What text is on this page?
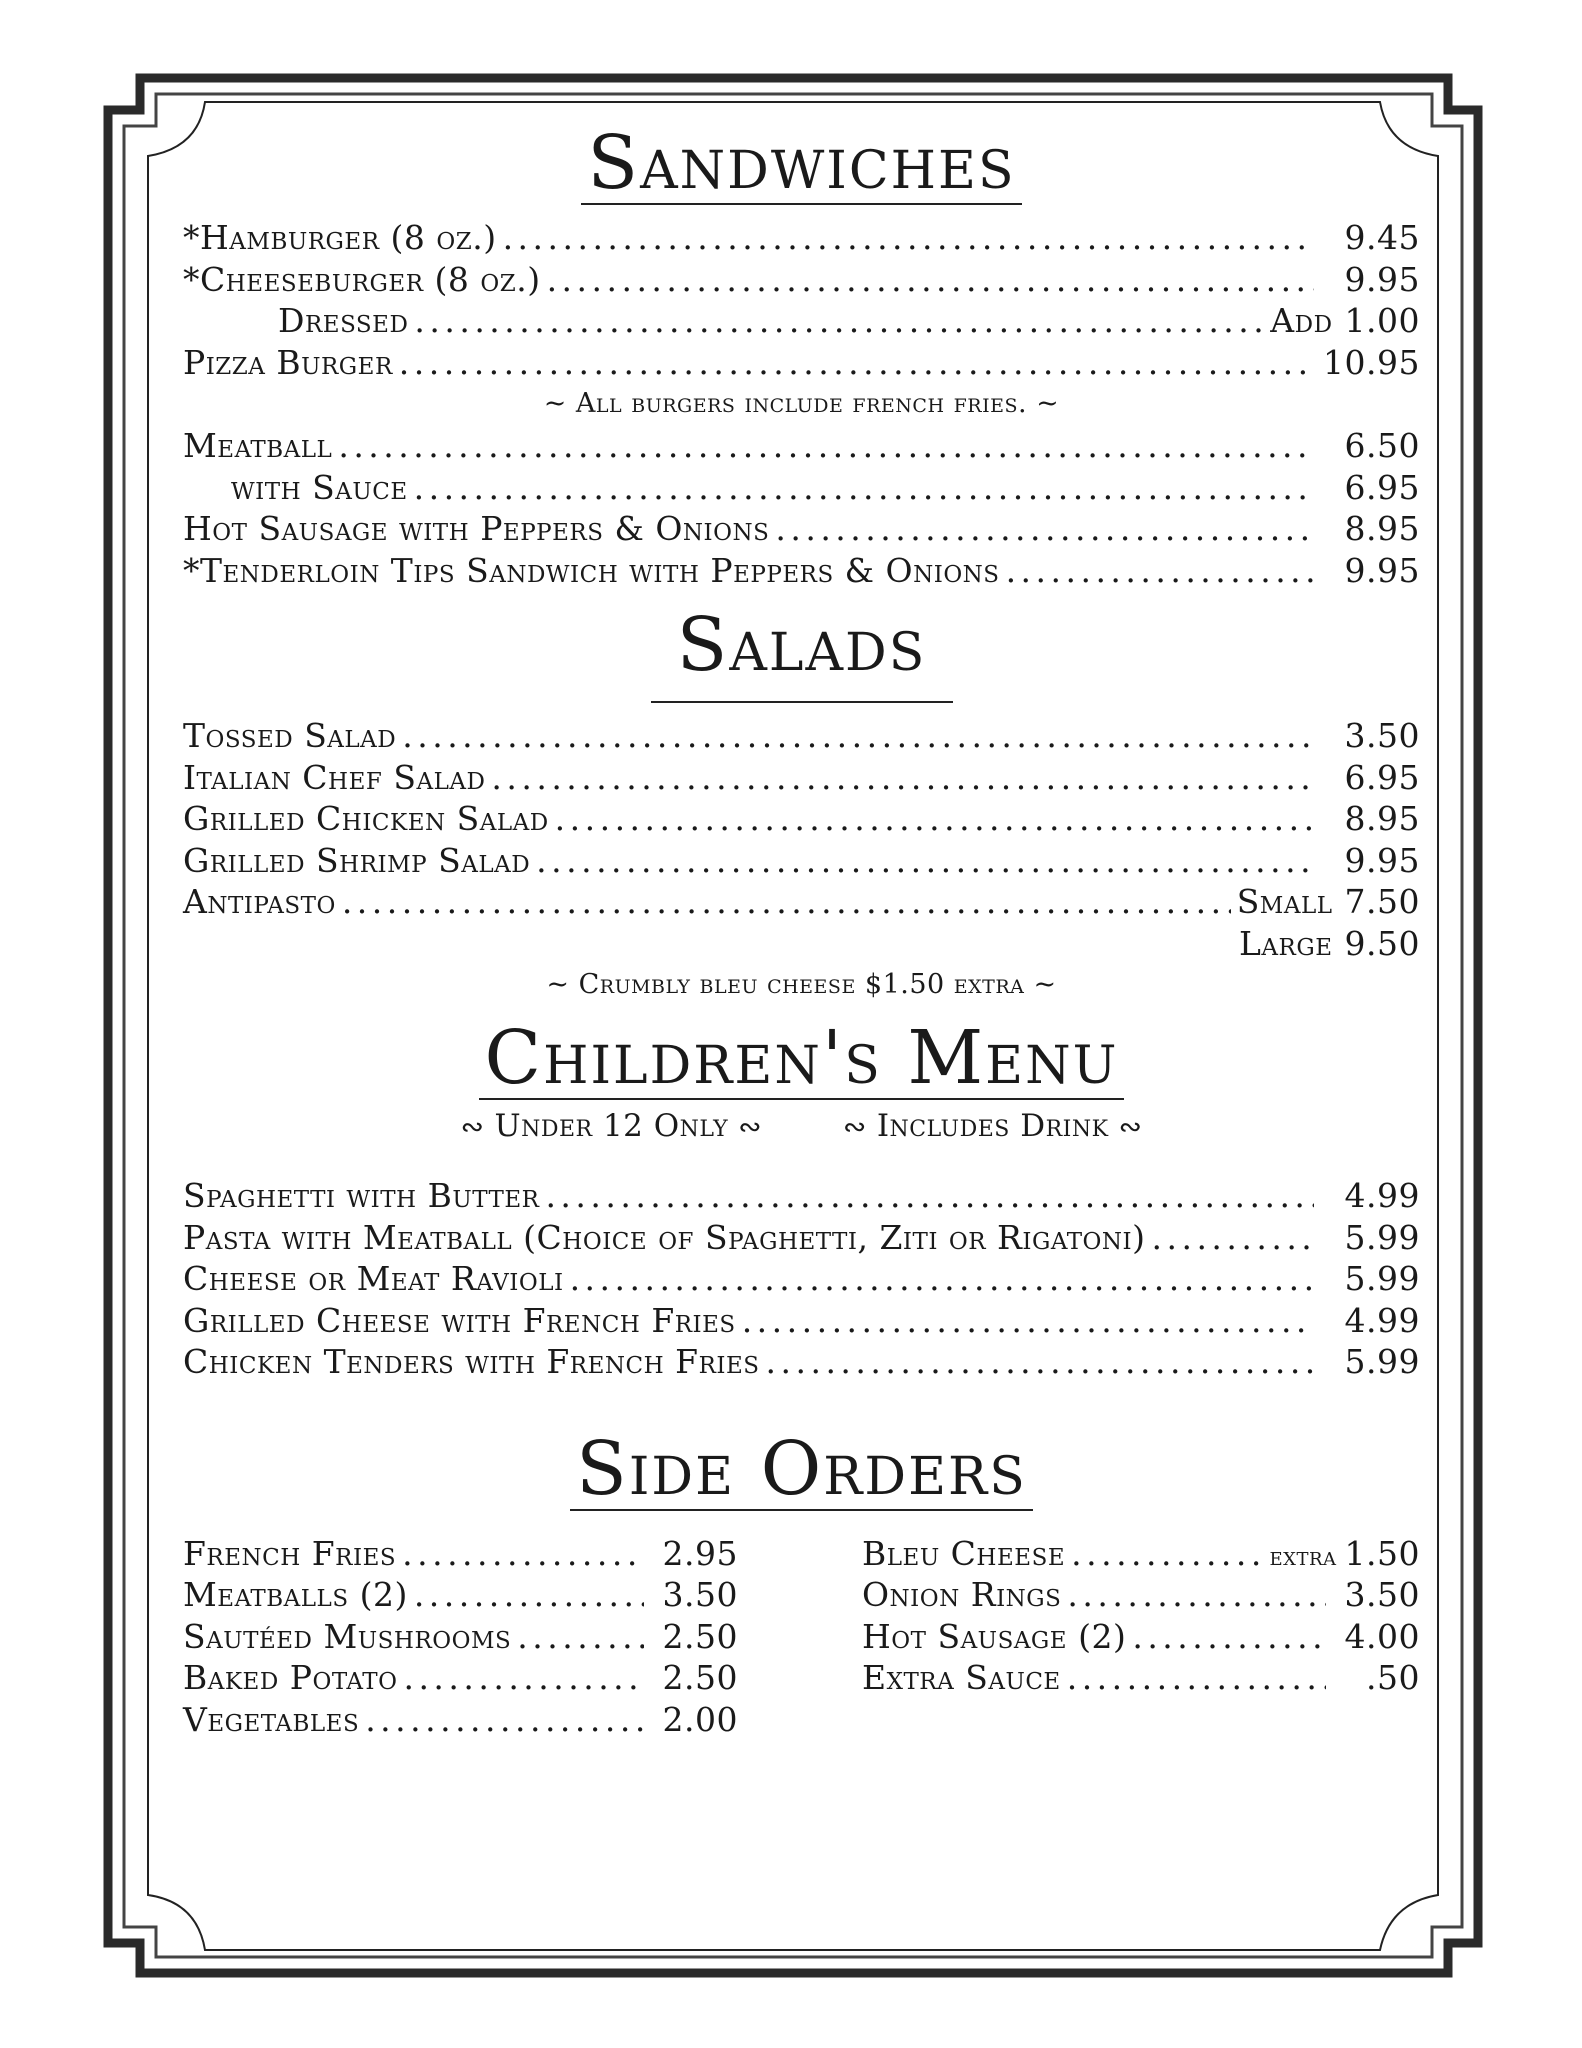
Sandwiches
*Hamburger (8 oz.) . . .	9.45
*Cheeseburger (8 oz.) . . .	9.95
Dressed . . .	Add 1.00
Pizza Burger . . .	10.95
~ All burgers include french fries. ~
Meatball . . .	6.50
with Sauce . . .	6.95
Hot Sausage with Peppers & Onions . . .	8.95
*Tenderloin Tips Sandwich with Peppers & Onions . . .	9.95
Salads
Tossed Salad . . .	3.50
Italian Chef Salad . . .	6.95
Grilled Chicken Salad . . .	8.95
Grilled Shrimp Salad . . .	9.95
Antipasto . . .	Small 7.50
Large 9.50
~ Crumbly bleu cheese $1.50 extra ~
Children's Menu
∾ Under 12 Only ∾	∾ Includes Drink ∾
Spaghetti with Butter . . .	4.99
Pasta with Meatball (Choice of Spaghetti, Ziti or Rigatoni) . . .	5.99
Cheese or Meat Ravioli . . .	5.99
Grilled Cheese with French Fries . . .	4.99
Chicken Tenders with French Fries . . .	5.99
Side Orders
French Fries . . .	2.95
Meatballs (2) . . .	3.50
Sautéed Mushrooms . . .	2.50
Baked Potato . . .	2.50
Vegetables . . .	2.00
Bleu Cheese . . .	extra 1.50
Onion Rings . . .	3.50
Hot Sausage (2) . . .	4.00
Extra Sauce . . .	.50
